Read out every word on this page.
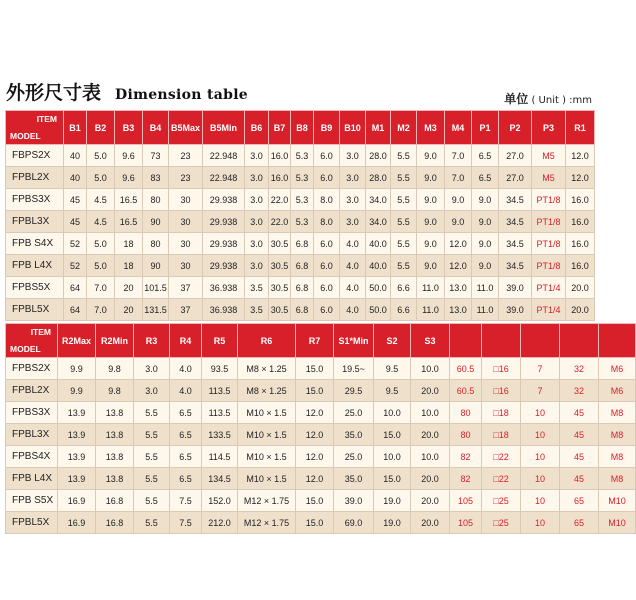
外形尺寸表 Dimension table	单位 ( Unit ) :mm
ITEM
MODEL	B1	B2	B3	B4	B5Max	B5Min	B6	B7	B8	B9	B10	M1	M2	M3	M4	P1	P2	P3	R1
FBPS2X	40	5.0	9.6	73	23	22.948	3.0	16.0	5.3	6.0	3.0	28.0	5.5	9.0	7.0	6.5	27.0	M5	12.0
FPBL2X	40	5.0	9.6	83	23	22.948	3.0	16.0	5.3	6.0	3.0	28.0	5.5	9.0	7.0	6.5	27.0	M5	12.0
FPBS3X	45	4.5	16.5	80	30	29.938	3.0	22.0	5.3	8.0	3.0	34.0	5.5	9.0	9.0	9.0	34.5	PT1/8	16.0
FPBL3X	45	4.5	16.5	90	30	29.938	3.0	22.0	5.3	8.0	3.0	34.0	5.5	9.0	9.0	9.0	34.5	PT1/8	16.0
FPB S4X	52	5.0	18	80	30	29.938	3.0	30.5	6.8	6.0	4.0	40.0	5.5	9.0	12.0	9.0	34.5	PT1/8	16.0
FPB L4X	52	5.0	18	90	30	29.938	3.0	30.5	6.8	6.0	4.0	40.0	5.5	9.0	12.0	9.0	34.5	PT1/8	16.0
FPBS5X	64	7.0	20	101.5	37	36.938	3.5	30.5	6.8	6.0	4.0	50.0	6.6	11.0	13.0	11.0	39.0	PT1/4	20.0
FPBL5X	64	7.0	20	131.5	37	36.938	3.5	30.5	6.8	6.0	4.0	50.0	6.6	11.0	13.0	11.0	39.0	PT1/4	20.0
ITEM
MODEL	R2Max	R2Min	R3	R4	R5	R6	R7	S1*Min	S2	S3					
FPBS2X	9.9	9.8	3.0	4.0	93.5	M8 × 1.25	15.0	19.5~	9.5	10.0	60.5	□16	7	32	M6
FPBL2X	9.9	9.8	3.0	4.0	113.5	M8 × 1.25	15.0	29.5	9.5	20.0	60.5	□16	7	32	M6
FPBS3X	13.9	13.8	5.5	6.5	113.5	M10 × 1.5	12.0	25.0	10.0	10.0	80	□18	10	45	M8
FPBL3X	13.9	13.8	5.5	6.5	133.5	M10 × 1.5	12.0	35.0	15.0	20.0	80	□18	10	45	M8
FPBS4X	13.9	13.8	5.5	6.5	114.5	M10 × 1.5	12.0	25.0	10.0	10.0	82	□22	10	45	M8
FPB L4X	13.9	13.8	5.5	6.5	134.5	M10 × 1.5	12.0	35.0	15.0	20.0	82	□22	10	45	M8
FPB S5X	16.9	16.8	5.5	7.5	152.0	M12 × 1.75	15.0	39.0	19.0	20.0	105	□25	10	65	M10
FPBL5X	16.9	16.8	5.5	7.5	212.0	M12 × 1.75	15.0	69.0	19.0	20.0	105	□25	10	65	M10
